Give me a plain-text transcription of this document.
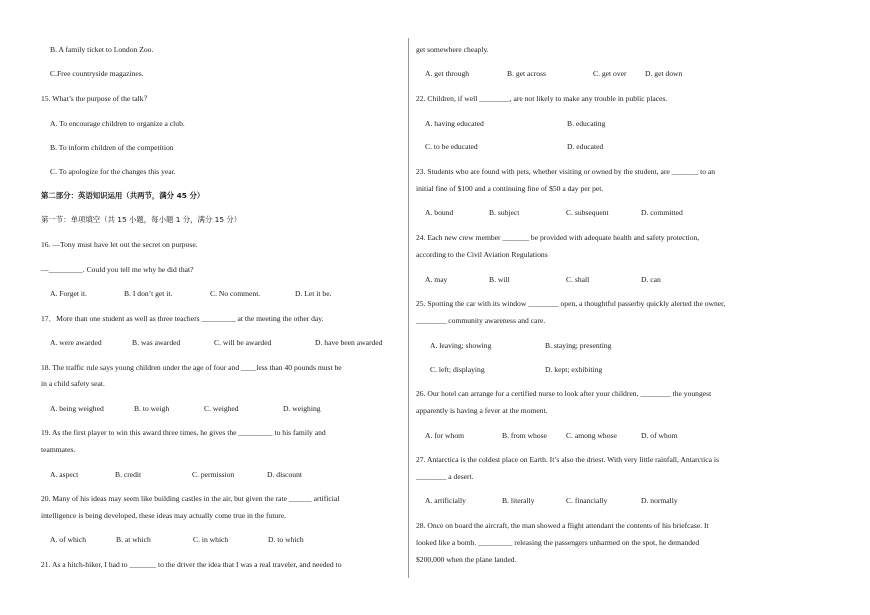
B. A family ticket to London Zoo.
C.Free countryside magazines.
15. What’s the purpose of the talk？
A. To encourage children to organize a club.
B. To inform children of the competition
C. To apologize for the changes this year.
第二部分：英语知识运用（共两节，满分 45 分）
第一节：单项填空（共 15 小题，每小题 1 分，满分 15 分）
16. —Tony must have let out the secret on purpose.
—_________. Could you tell me why he did that?
A. Forget it.	B. I don’t get it.	C. No comment.	D. Let it be.
17．More than one student as well as three teachers _________ at the meeting the other day.
A. were awarded	B. was awarded	C. will be awarded	D. have been awarded
18. The traffic rule says young children under the age of four and ____less than 40 pounds must be
in a child safety seat.
A. being weighed	B. to weigh	C. weighed	D. weighing
19. As the first player to win this award three times, he gives the _________ to his family and
teammates.
A. aspect	B. credit	C. permission	D. discount
20. Many of his ideas may seem like building castles in the air, but given the rate ______ artificial
intelligence is being developed, these ideas may actually come true in the future.
A. of which	B. at which	C. in which	D. to which
21. As a hitch-hiker, I had to _______ to the driver the idea that I was a real traveler, and needed to
get somewhere cheaply.
A. get through	B. get across	C. get over D. get down
22. Children, if well ________, are not likely to make any trouble in public places.
A. having educated	B. educating
C. to be educated	D. educated
23. Students who are found with pets, whether visiting or owned by the student, are _______ to an
initial fine of $100 and a continuing fine of $50 a day per pet.
A. bound	B. subject	C. subsequent	D. committed
24. Each new crew member _______ be provided with adequate health and safety protection,
according to the Civil Aviation Regulations
A. may	B. will	C. shall	D. can
25. Spotting the car with its window ________ open, a thoughtful passerby quickly alerted the owner,
________ community awareness and care.
A. leaving; showing	B. staying; presenting
C. left; displaying	D. kept; exhibiting
26. Our hotel can arrange for a certified nurse to look after your children, ________ the youngest
apparently is having a fever at the moment.
A. for whom	B. from whose	C. among whose	D. of whom
27. Antarctica is the coldest place on Earth. It’s also the driest. With very little rainfall, Antarctica is
________ a desert.
A. artificially	B. literally	C. financially	D. normally
28. Once on board the aircraft, the man showed a flight attendant the contents of his briefcase. It
looked like a bomb. _________ releasing the passengers unharmed on the spot, he demanded
$200,000 when the plane landed.
